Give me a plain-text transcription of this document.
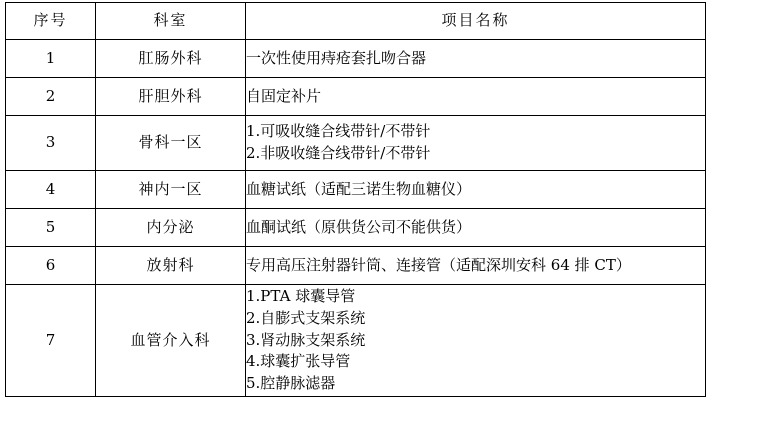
序号	科室	项目名称
1	肛肠外科	一次性使用痔疮套扎吻合器

2	肝胆外科	自固定补片

3	骨科一区	1.可吸收缝合线带针/不带针
2.非吸收缝合线带针/不带针

4	神内一区	血糖试纸（适配三诺生物血糖仪）

5	内分泌	血酮试纸（原供货公司不能供货）

6	放射科	专用高压注射器针筒、连接管（适配深圳安科 64 排 CT）

7	血管介入科	1.PTA 球囊导管
2.自膨式支架系统
3.肾动脉支架系统
4.球囊扩张导管
5.腔静脉滤器
